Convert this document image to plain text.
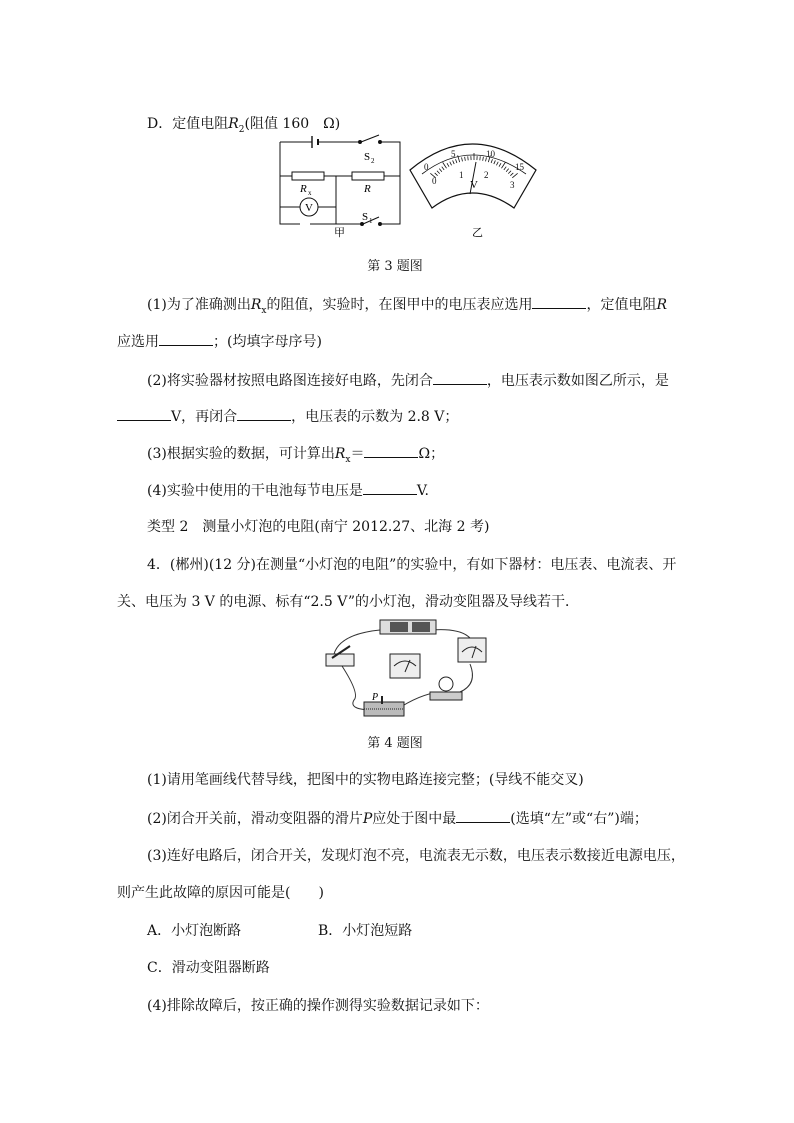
D．定值电阻$R_2$(阻值 160　Ω)
V
S 2
R x	R
S 1
甲
0
5	10
15
0
1 2
3
V
乙
第 3 题图
(1)为了准确测出$R_x$的阻值，实验时，在图甲中的电压表应选用	，定值电阻R
应选用	；(均填字母序号)
(2)将实验器材按照电路图连接好电路，先闭合	，电压表示数如图乙所示，是
V，再闭合	，电压表的示数为 2.8 V；
(3)根据实验的数据，可计算出$R_x=$	Ω；
(4)实验中使用的干电池每节电压是	V.
类型 2　测量小灯泡的电阻(南宁 2012.27、北海 2 考)
4．(郴州)(12 分)在测量“小灯泡的电阻”的实验中，有如下器材：电压表、电流表、开
关、电压为 3 V 的电源、标有“2.5 V”的小灯泡，滑动变阻器及导线若干．
P
第 4 题图
(1)请用笔画线代替导线，把图中的实物电路连接完整；(导线不能交叉)
(2)闭合开关前，滑动变阻器的滑片P应处于图中最	(选填“左”或“右”)端；
(3)连好电路后，闭合开关，发现灯泡不亮，电流表无示数，电压表示数接近电源电压，
则产生此故障的原因可能是(　　)
A．小灯泡断路	B．小灯泡短路
C．滑动变阻器断路
(4)排除故障后，按正确的操作测得实验数据记录如下：
